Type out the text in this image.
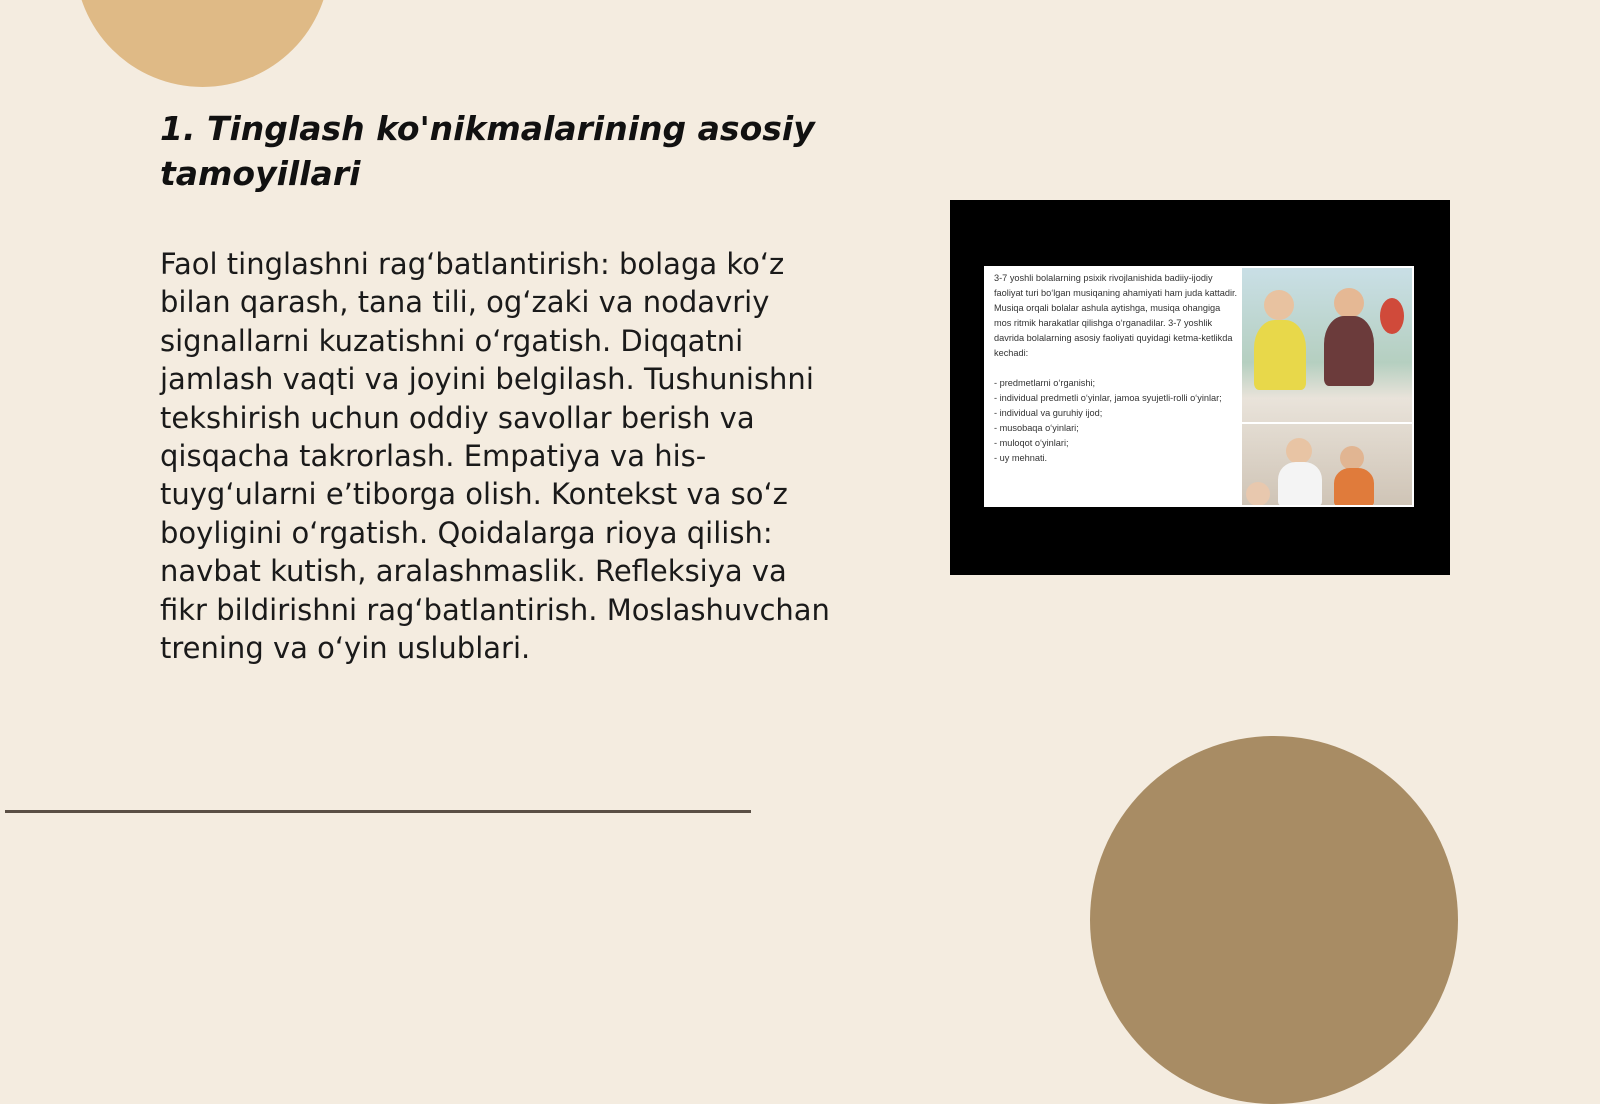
1. Tinglash ko'nikmalarining asosiy tamoyillari

Faol tinglashni rag‘batlantirish: bolaga ko‘z bilan qarash, tana tili, og‘zaki va nodavriy signallarni kuzatishni o‘rgatish. Diqqatni jamlash vaqti va joyini belgilash. Tushunishni tekshirish uchun oddiy savollar berish va qisqacha takrorlash. Empatiya va his-tuyg‘ularni e’tiborga olish. Kontekst va so‘z boyligini o‘rgatish. Qoidalarga rioya qilish: navbat kutish, aralashmaslik. Refleksiya va fikr bildirishni rag‘batlantirish. Moslashuvchan trening va o‘yin uslublari.

3-7 yoshli bolalarning psixik rivojlanishida badiiy-ijodiy faoliyat turi bo‘lgan musiqaning ahamiyati ham juda kattadir. Musiqa orqali bolalar ashula aytishga, musiqa ohangiga mos ritmik harakatlar qilishga o‘rganadilar. 3-7 yoshlik davrida bolalarning asosiy faoliyati quyidagi ketma-ketlikda kechadi:

- predmetlarni o‘rganishi;
- individual predmetli o‘yinlar, jamoa syujetli-rolli o‘yinlar;
- individual va guruhiy ijod;
- musobaqa o‘yinlari;
- muloqot o‘yinlari;
- uy mehnati.
